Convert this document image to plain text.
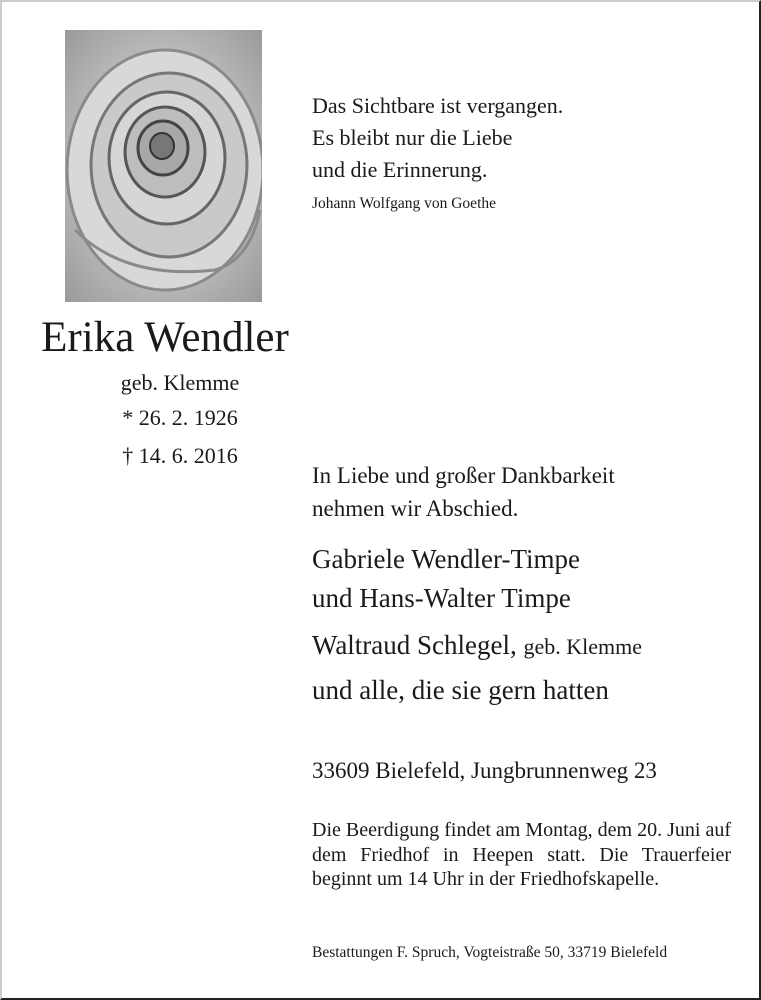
Das Sichtbare ist vergangen.
Es bleibt nur die Liebe
und die Erinnerung.
Johann Wolfgang von Goethe
Erika Wendler
geb. Klemme
* 26. 2. 1926
† 14. 6. 2016
In Liebe und großer Dankbarkeit
nehmen wir Abschied.
Gabriele Wendler-Timpe
und Hans-Walter Timpe
Waltraud Schlegel, geb. Klemme
und alle, die sie gern hatten
33609 Bielefeld, Jungbrunnenweg 23
Die Beerdigung findet am Montag, dem 20. Juni auf dem Friedhof in Heepen statt. Die Trauerfeier beginnt um 14 Uhr in der Friedhofskapelle.
Bestattungen F. Spruch, Vogteistraße 50, 33719 Bielefeld
